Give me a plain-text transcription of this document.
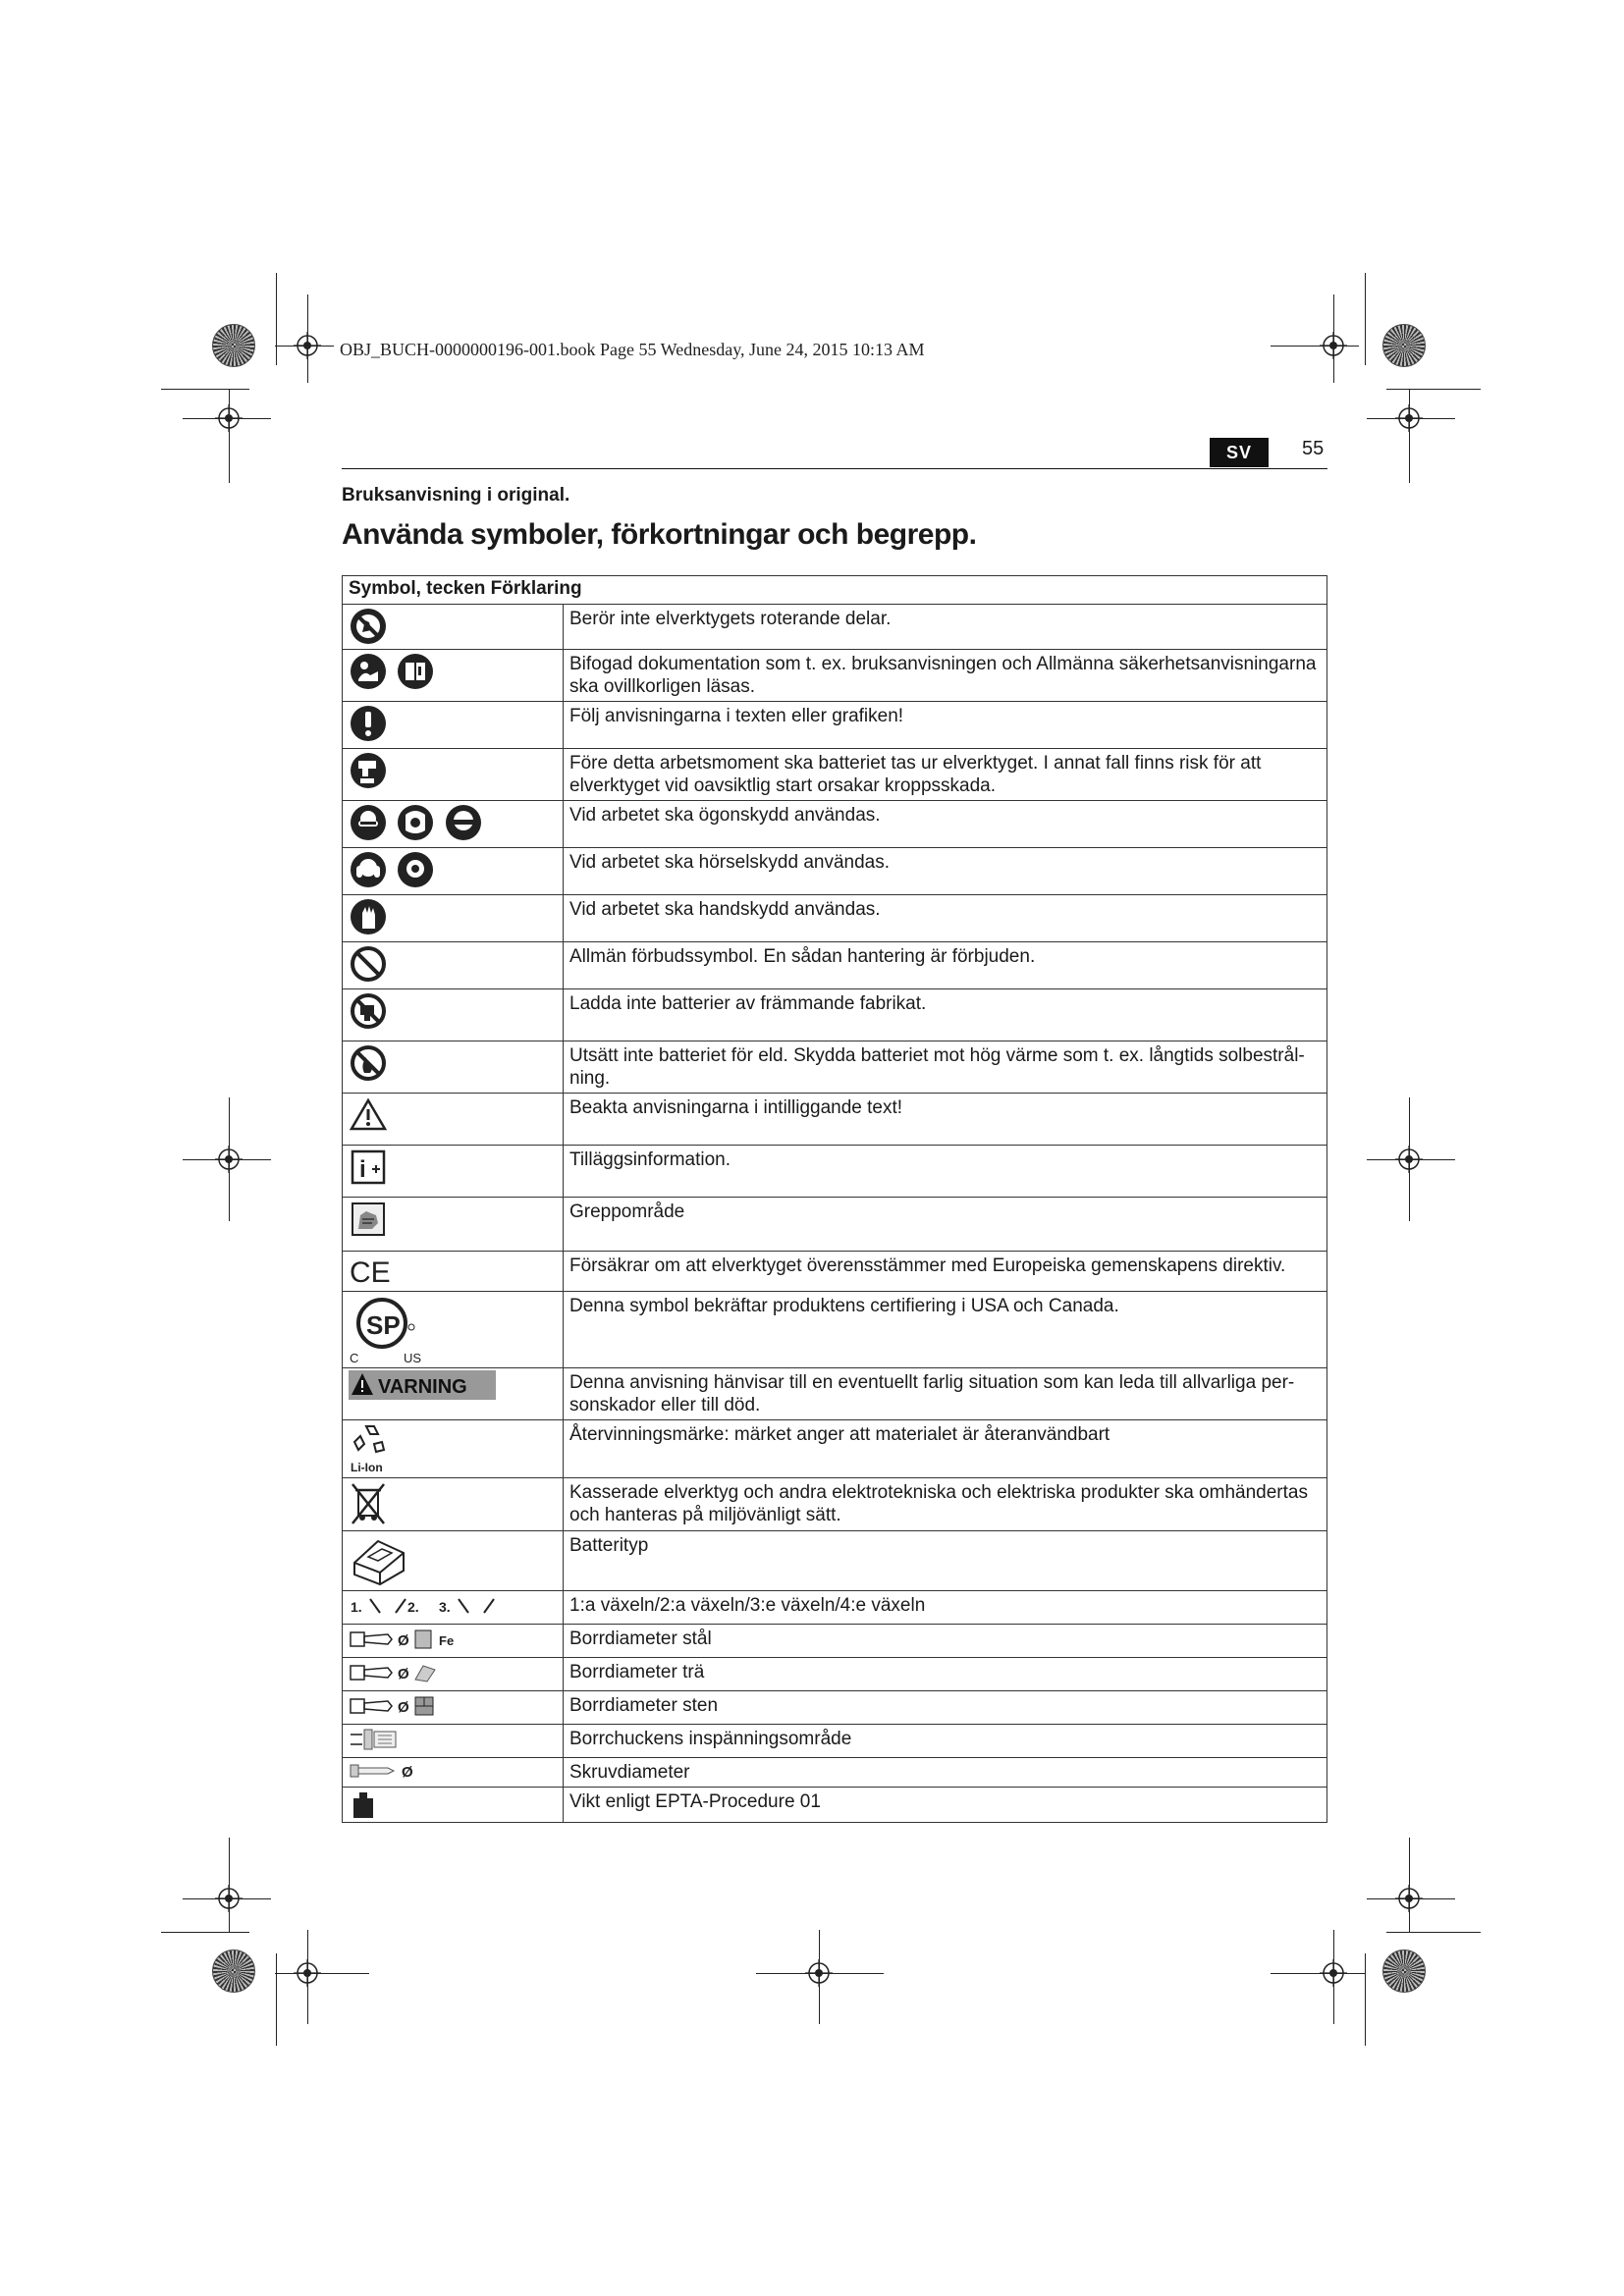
OBJ_BUCH-0000000196-001.book Page 55 Wednesday, June 24, 2015 10:13 AM
SV	55
Bruksanvisning i original.
Använda symboler, förkortningar och begrepp.
Symbol, tecken Förklaring	
	Berör inte elverktygets roterande delar.
	Bifogad dokumentation som t. ex. bruksanvisningen och Allmänna säkerhetsanvisningarna ska ovillkorligen läsas.
	Följ anvisningarna i texten eller grafiken!
	Före detta arbetsmoment ska batteriet tas ur elverktyget. I annat fall finns risk för att elverktyget vid oavsiktlig start orsakar kroppsskada.
	Vid arbetet ska ögonskydd användas.
	Vid arbetet ska hörselskydd användas.
	Vid arbetet ska handskydd användas.
	Allmän förbudssymbol. En sådan hantering är förbjuden.
	Ladda inte batterier av främmande fabrikat.
	Utsätt inte batteriet för eld. Skydda batteriet mot hög värme som t. ex. långtids solbestrål-ning.
	Beakta anvisningarna i intilliggande text!

i	Tilläggsinformation.
	Greppområde

CE	Försäkrar om att elverktyget överensstämmer med Europeiska gemenskapens direktiv.

SP
C US	Denna symbol bekräftar produktens certifiering i USA och Canada.

VARNING	Denna anvisning hänvisar till en eventuellt farlig situation som kan leda till allvarliga per-sonskador eller till död.

Li-Ion	Återvinningsmärke: märket anger att materialet är återanvändbart
	Kasserade elverktyg och andra elektrotekniska och elektriska produkter ska omhändertas och hanteras på miljövänligt sätt.
	Batterityp

1. 2. 3.	1:a växeln/2:a växeln/3:e växeln/4:e växeln

Ø Fe	Borrdiameter stål

Ø	Borrdiameter trä

Ø	Borrdiameter sten
	Borrchuckens inspänningsområde

Ø	Skruvdiameter
	Vikt enligt EPTA-Procedure 01
